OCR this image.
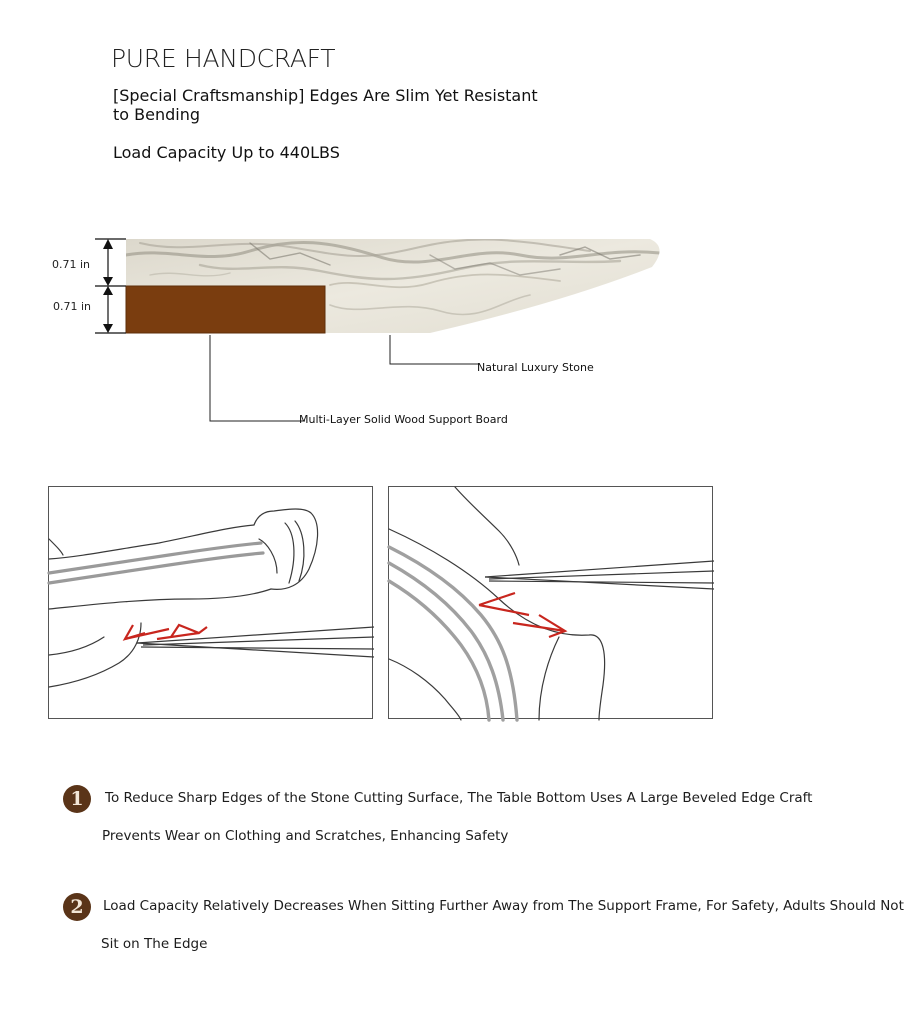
PURE HANDCRAFT
[Special Craftsmanship] Edges Are Slim Yet Resistant to Bending
Load Capacity Up to 440LBS
0.71 in
0.71 in
Natural Luxury Stone
Multi-Layer Solid Wood Support Board
1	To Reduce Sharp Edges of the Stone Cutting Surface, The Table Bottom Uses A Large Beveled Edge Craft
Prevents Wear on Clothing and Scratches, Enhancing Safety
2	Load Capacity Relatively Decreases When Sitting Further Away from The Support Frame, For Safety, Adults Should Not
Sit on The Edge
